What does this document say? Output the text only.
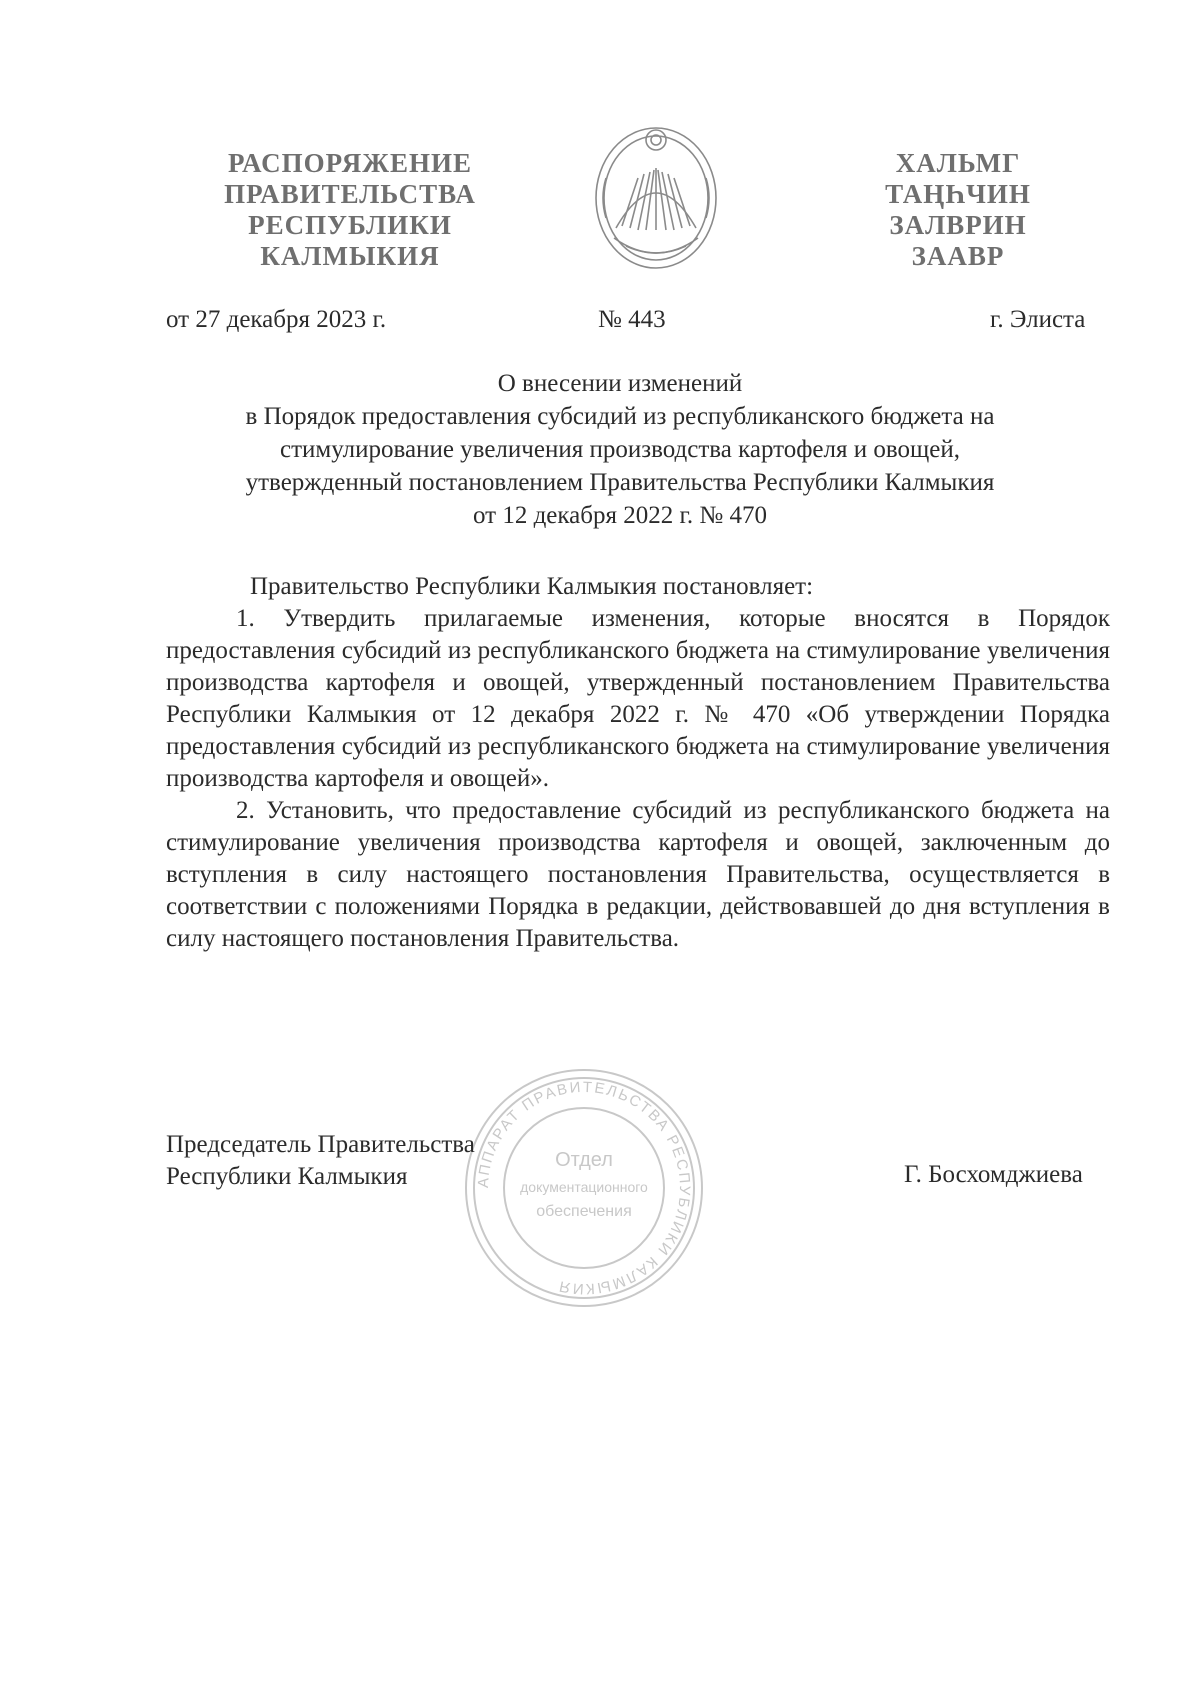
РАСПОРЯЖЕНИЕ
ПРАВИТЕЛЬСТВА
РЕСПУБЛИКИ
КАЛМЫКИЯ
ХАЛЬМГ
ТАҢҺЧИН
ЗАЛВРИН
ЗААВР
от 27 декабря 2023 г.	№ 443	г. Элиста
О внесении изменений
в Порядок предоставления субсидий из республиканского бюджета на
стимулирование увеличения производства картофеля и овощей,
утвержденный постановлением Правительства Республики Калмыкия
от 12 декабря 2022 г. № 470

Правительство Республики Калмыкия постановляет:

1. Утвердить прилагаемые изменения, которые вносятся в Порядок предоставления субсидий из республиканского бюджета на стимулирование увеличения производства картофеля и овощей, утвержденный постановлением Правительства Республики Калмыкия от 12 декабря 2022 г. № 470 «Об утверждении Порядка предоставления субсидий из республиканского бюджета на стимулирование увеличения производства картофеля и овощей».

2. Установить, что предоставление субсидий из республиканского бюджета на стимулирование увеличения производства картофеля и овощей, заключенным до вступления в силу настоящего постановления Правительства, осуществляется в соответствии с положениями Порядка в редакции, действовавшей до дня вступления в силу настоящего постановления Правительства.

АППАРАТ ПРАВИТЕЛЬСТВА РЕСПУБЛИКИ КАЛМЫКИЯ
Отдел
документационного
обеспечения
Председатель Правительства
Республики Калмыкия	Г. Босхомджиева
